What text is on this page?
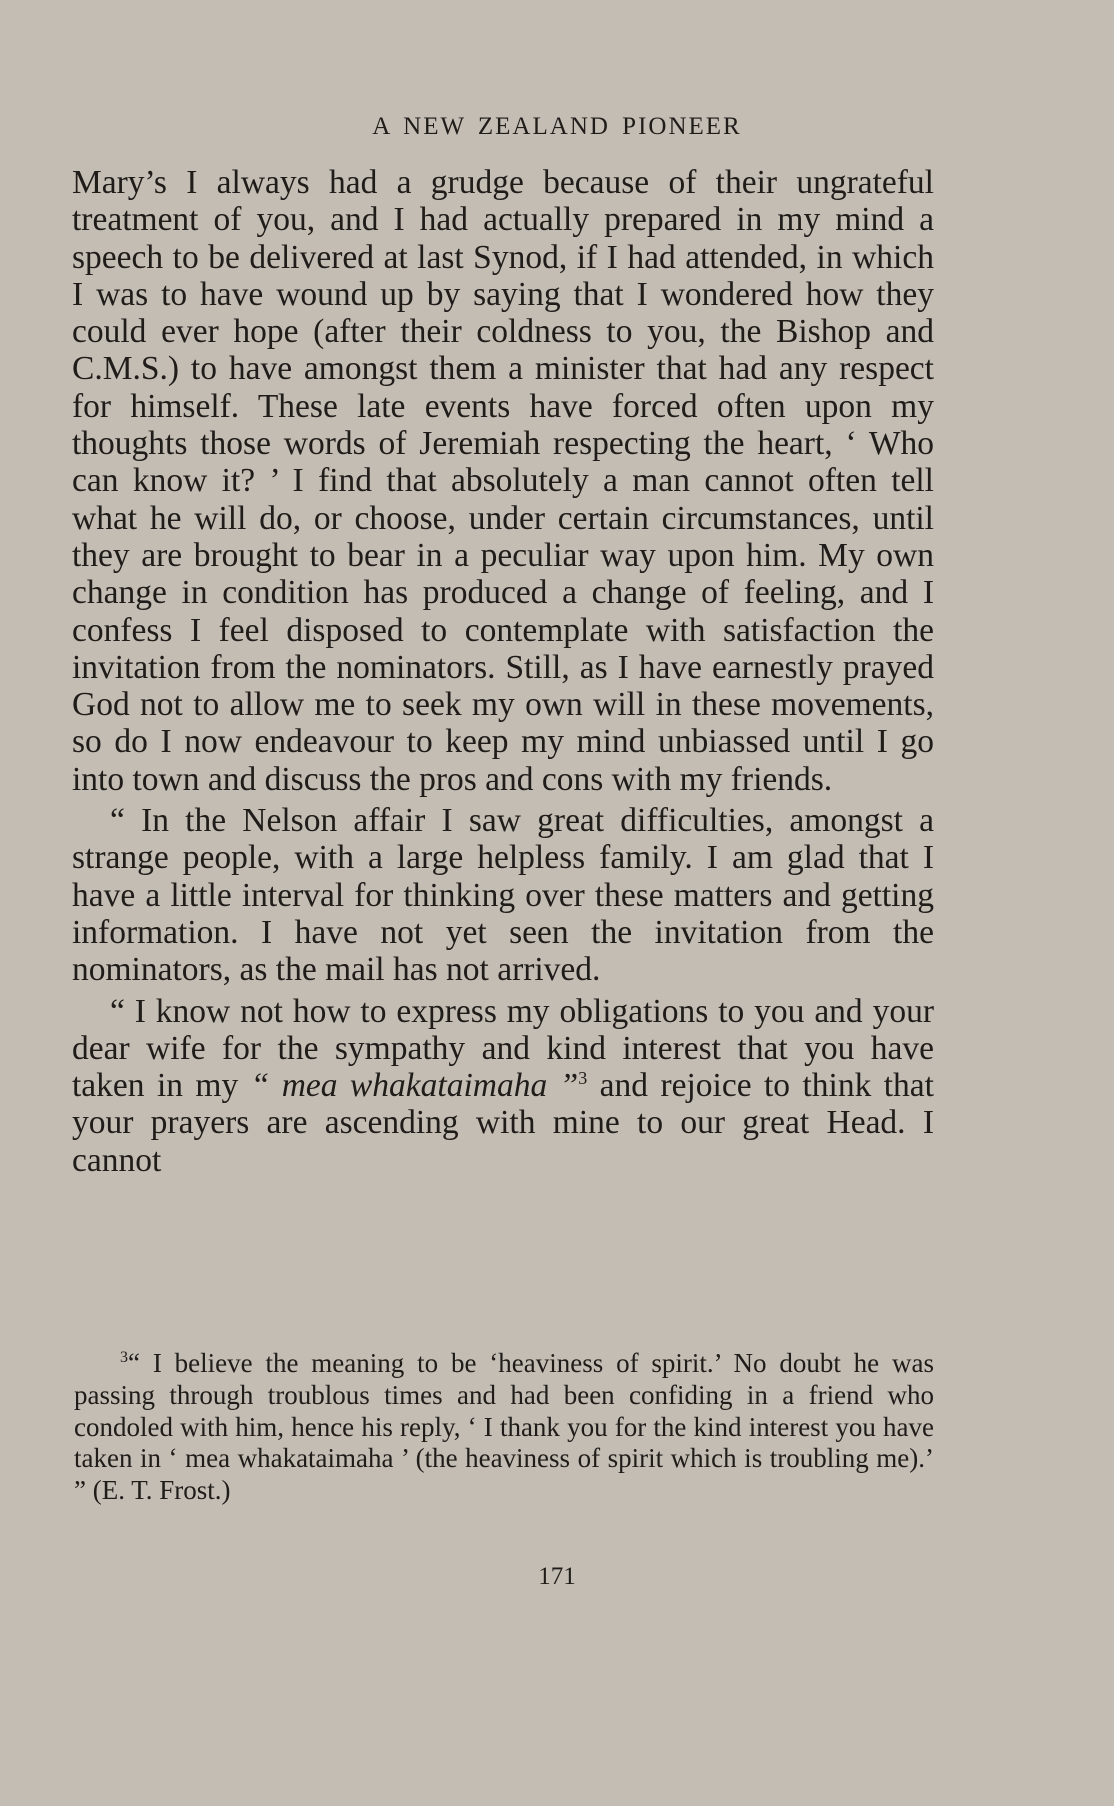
A NEW ZEALAND PIONEER

Mary’s I always had a grudge because of their ungrateful treatment of you, and I had actually prepared in my mind a speech to be delivered at last Synod, if I had attended, in which I was to have wound up by saying that I wondered how they could ever hope (after their coldness to you, the Bishop and C.M.S.) to have amongst them a minister that had any respect for himself. These late events have forced often upon my thoughts those words of Jeremiah respecting the heart, ‘ Who can know it? ’ I find that absolutely a man cannot often tell what he will do, or choose, under certain circumstances, until they are brought to bear in a peculiar way upon him. My own change in condition has produced a change of feeling, and I confess I feel disposed to contemplate with satisfaction the invitation from the nominators. Still, as I have earnestly prayed God not to allow me to seek my own will in these movements, so do I now endeavour to keep my mind unbiassed until I go into town and discuss the pros and cons with my friends.

“ In the Nelson affair I saw great difficulties, amongst a strange people, with a large helpless family. I am glad that I have a little interval for thinking over these matters and getting information. I have not yet seen the invitation from the nominators, as the mail has not arrived.

“ I know not how to express my obligations to you and your dear wife for the sympathy and kind interest that you have taken in my “ mea whakataimaha ”$^3$ and rejoice to think that your prayers are ascending with mine to our great Head. I cannot

$^3$“ I believe the meaning to be ‘heaviness of spirit.’ No doubt he was passing through troublous times and had been confiding in a friend who condoled with him, hence his reply, ‘ I thank you for the kind interest you have taken in ‘ mea whakataimaha ’ (the heaviness of spirit which is troubling me).’ ” (E. T. Frost.)

171
